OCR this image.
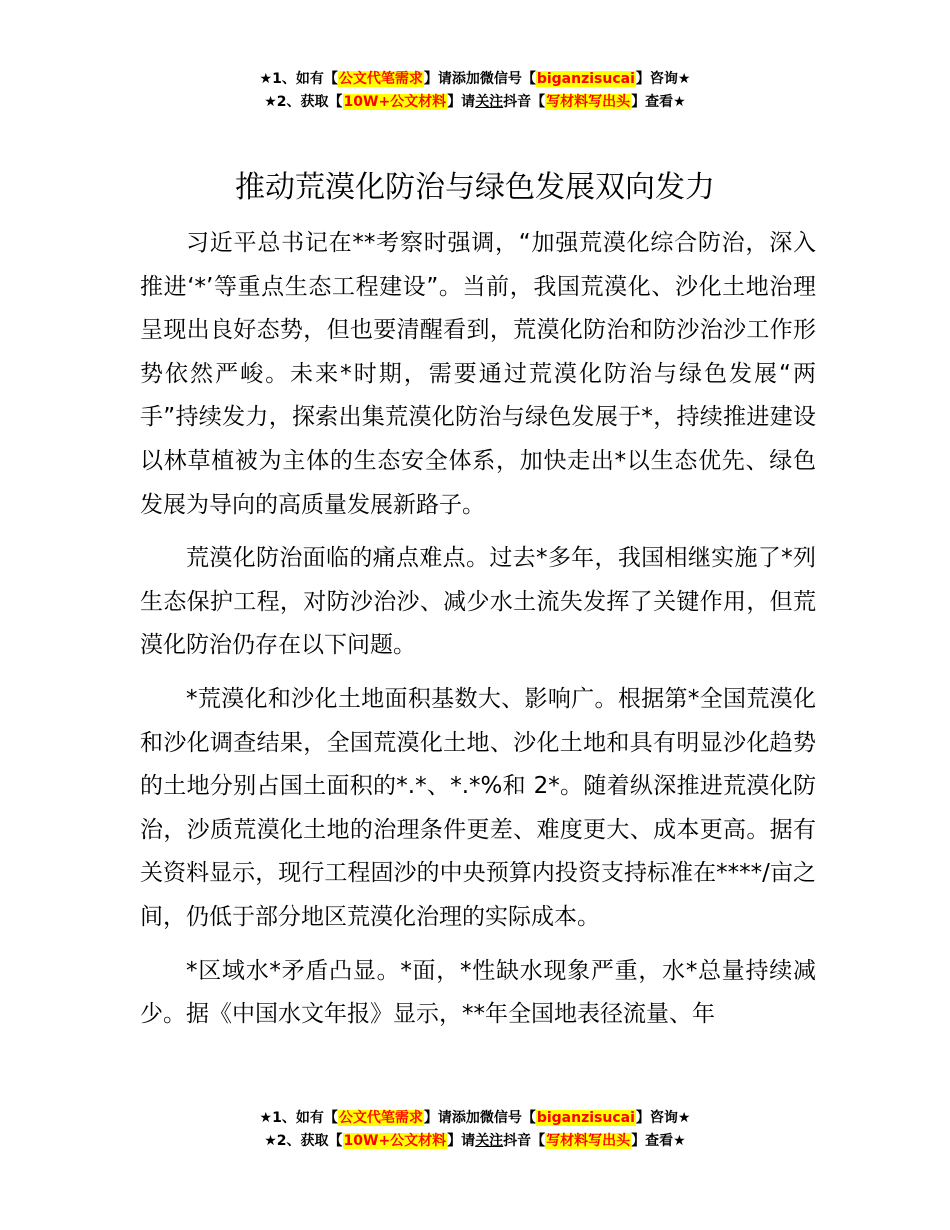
★1、如有【公文代笔需求】请添加微信号【biganzisucai】咨询★
★2、获取【10W+公文材料】请关注抖音【写材料写出头】查看★
推动荒漠化防治与绿色发展双向发力

习近平总书记在**考察时强调，“加强荒漠化综合防治，深入推进‘*’等重点生态工程建设”。当前，我国荒漠化、沙化土地治理呈现出良好态势，但也要清醒看到，荒漠化防治和防沙治沙工作形势依然严峻。未来*时期，需要通过荒漠化防治与绿色发展“两手”持续发力，探索出集荒漠化防治与绿色发展于*，持续推进建设以林草植被为主体的生态安全体系，加快走出*以生态优先、绿色发展为导向的高质量发展新路子。

荒漠化防治面临的痛点难点。过去*多年，我国相继实施了*列生态保护工程，对防沙治沙、减少水土流失发挥了关键作用，但荒漠化防治仍存在以下问题。

*荒漠化和沙化土地面积基数大、影响广。根据第*全国荒漠化和沙化调查结果，全国荒漠化土地、沙化土地和具有明显沙化趋势的土地分别占国土面积的*.*、*.*%和 2*。随着纵深推进荒漠化防治，沙质荒漠化土地的治理条件更差、难度更大、成本更高。据有关资料显示，现行工程固沙的中央预算内投资支持标准在****/亩之间，仍低于部分地区荒漠化治理的实际成本。

*区域水*矛盾凸显。*面，*性缺水现象严重，水*总量持续减少。据《中国水文年报》显示，**年全国地表径流量、年

★1、如有【公文代笔需求】请添加微信号【biganzisucai】咨询★
★2、获取【10W+公文材料】请关注抖音【写材料写出头】查看★
